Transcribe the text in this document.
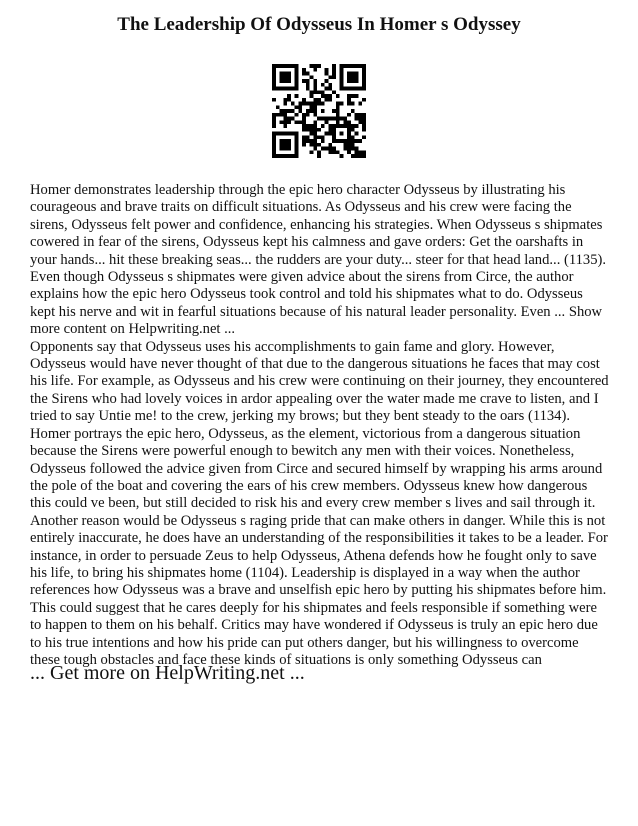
The Leadership Of Odysseus In Homer s Odyssey

Homer demonstrates leadership through the epic hero character Odysseus by illustrating his courageous and brave traits on difficult situations. As Odysseus and his crew were facing the sirens, Odysseus felt power and confidence, enhancing his strategies. When Odysseus s shipmates cowered in fear of the sirens, Odysseus kept his calmness and gave orders: Get the oarshafts in your hands... hit these breaking seas... the rudders are your duty... steer for that head land... (1135). Even though Odysseus s shipmates were given advice about the sirens from Circe, the author explains how the epic hero Odysseus took control and told his shipmates what to do. Odysseus kept his nerve and wit in fearful situations because of his natural leader personality. Even ... Show more content on Helpwriting.net ...

Opponents say that Odysseus uses his accomplishments to gain fame and glory. However, Odysseus would have never thought of that due to the dangerous situations he faces that may cost his life. For example, as Odysseus and his crew were continuing on their journey, they encountered the Sirens who had lovely voices in ardor appealing over the water made me crave to listen, and I tried to say Untie me! to the crew, jerking my brows; but they bent steady to the oars (1134). Homer portrays the epic hero, Odysseus, as the element, victorious from a dangerous situation because the Sirens were powerful enough to bewitch any men with their voices. Nonetheless, Odysseus followed the advice given from Circe and secured himself by wrapping his arms around the pole of the boat and covering the ears of his crew members. Odysseus knew how dangerous this could ve been, but still decided to risk his and every crew member s lives and sail through it. Another reason would be Odysseus s raging pride that can make others in danger. While this is not entirely inaccurate, he does have an understanding of the responsibilities it takes to be a leader. For instance, in order to persuade Zeus to help Odysseus, Athena defends how he fought only to save his life, to bring his shipmates home (1104). Leadership is displayed in a way when the author references how Odysseus was a brave and unselfish epic hero by putting his shipmates before him. This could suggest that he cares deeply for his shipmates and feels responsible if something were to happen to them on his behalf. Critics may have wondered if Odysseus is truly an epic hero due to his true intentions and how his pride can put others danger, but his willingness to overcome these tough obstacles and face these kinds of situations is only something Odysseus can

... Get more on HelpWriting.net ...
